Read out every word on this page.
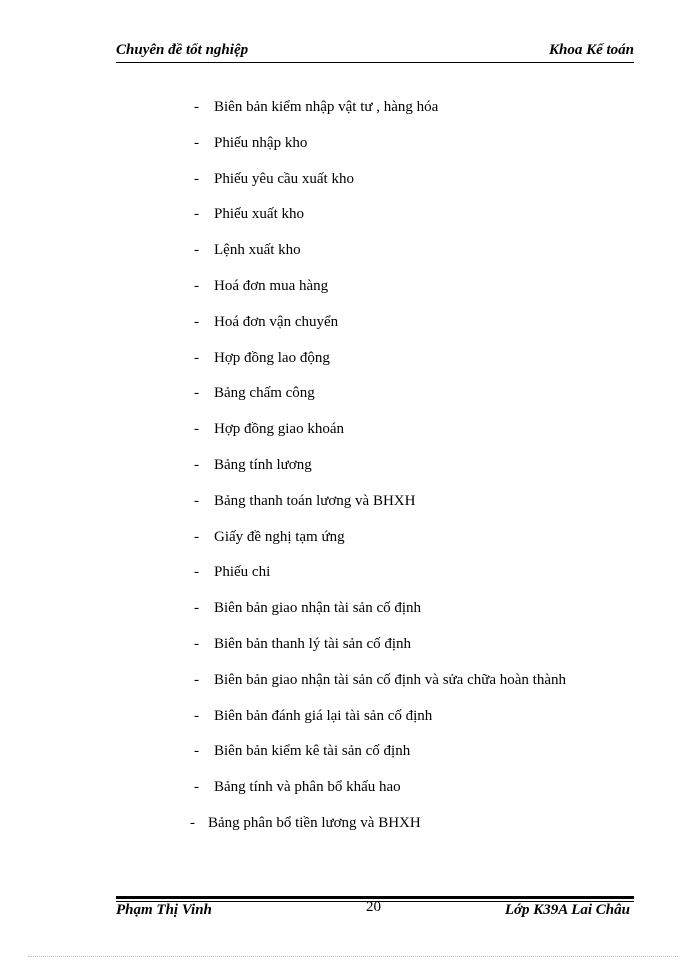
Chuyên đề tốt nghiệp	Khoa Kế toán
- Biên bản kiểm nhập vật tư , hàng hóa
- Phiếu nhập kho
- Phiếu yêu cầu xuất kho
- Phiếu xuất kho
- Lệnh xuất kho
- Hoá đơn mua hàng
- Hoá đơn vận chuyển
- Hợp đồng lao động
- Bảng chấm công
- Hợp đồng giao khoán
- Bảng tính lương
- Bảng thanh toán lương và BHXH
- Giấy đề nghị tạm ứng
- Phiếu chi
- Biên bản giao nhận tài sản cố định
- Biên bản thanh lý tài sản cố định
- Biên bản giao nhận tài sản cố định và sửa chữa hoàn thành
- Biên bản đánh giá lại tài sản cố định
- Biên bản kiểm kê tài sản cố định
- Bảng tính và phân bổ khấu hao
- Bảng phân bổ tiền lương và BHXH
Phạm Thị Vinh	20	Lớp K39A Lai Châu
